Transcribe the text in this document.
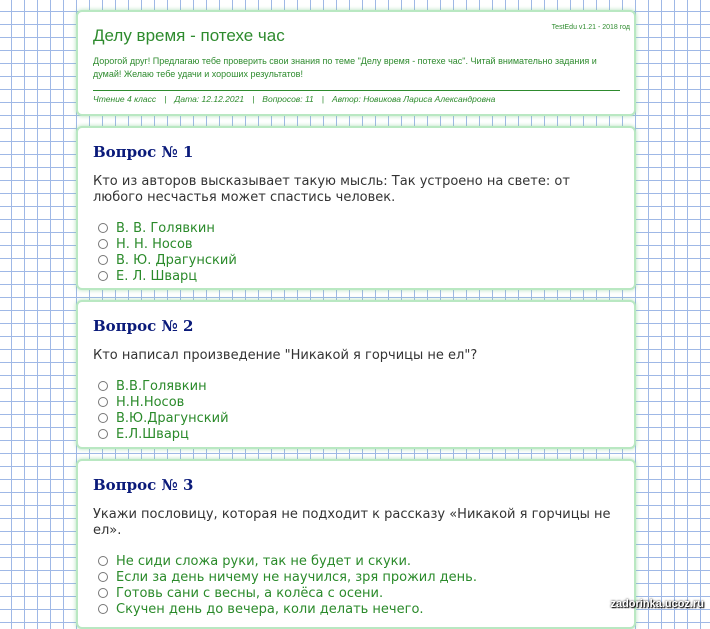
Делу время - потехе час	TestEdu v1.21 - 2018 год
Дорогой друг! Предлагаю тебе проверить свои знания по теме "Делу время - потехе час". Читай внимательно задания и думай! Желаю тебе удачи и хороших результатов!
Чтение 4 класс | Дата: 12.12.2021 | Вопросов: 11 | Автор: Новикова Лариса Александровна
Вопрос № 1
Кто из авторов высказывает такую мысль: Так устроено на свете: от любого несчастья может спастись человек.
В. В. Голявкин
Н. Н. Носов
В. Ю. Драгунский
Е. Л. Шварц
Вопрос № 2
Кто написал произведение "Никакой я горчицы не ел"?
В.В.Голявкин
Н.Н.Носов
В.Ю.Драгунский
Е.Л.Шварц
Вопрос № 3
Укажи пословицу, которая не подходит к рассказу «Никакой я горчицы не ел».
Не сиди сложа руки, так не будет и скуки.
Если за день ничему не научился, зря прожил день.
Готовь сани с весны, а колёса с осени.
Скучен день до вечера, коли делать нечего.	zadorinka.ucoz.ru
